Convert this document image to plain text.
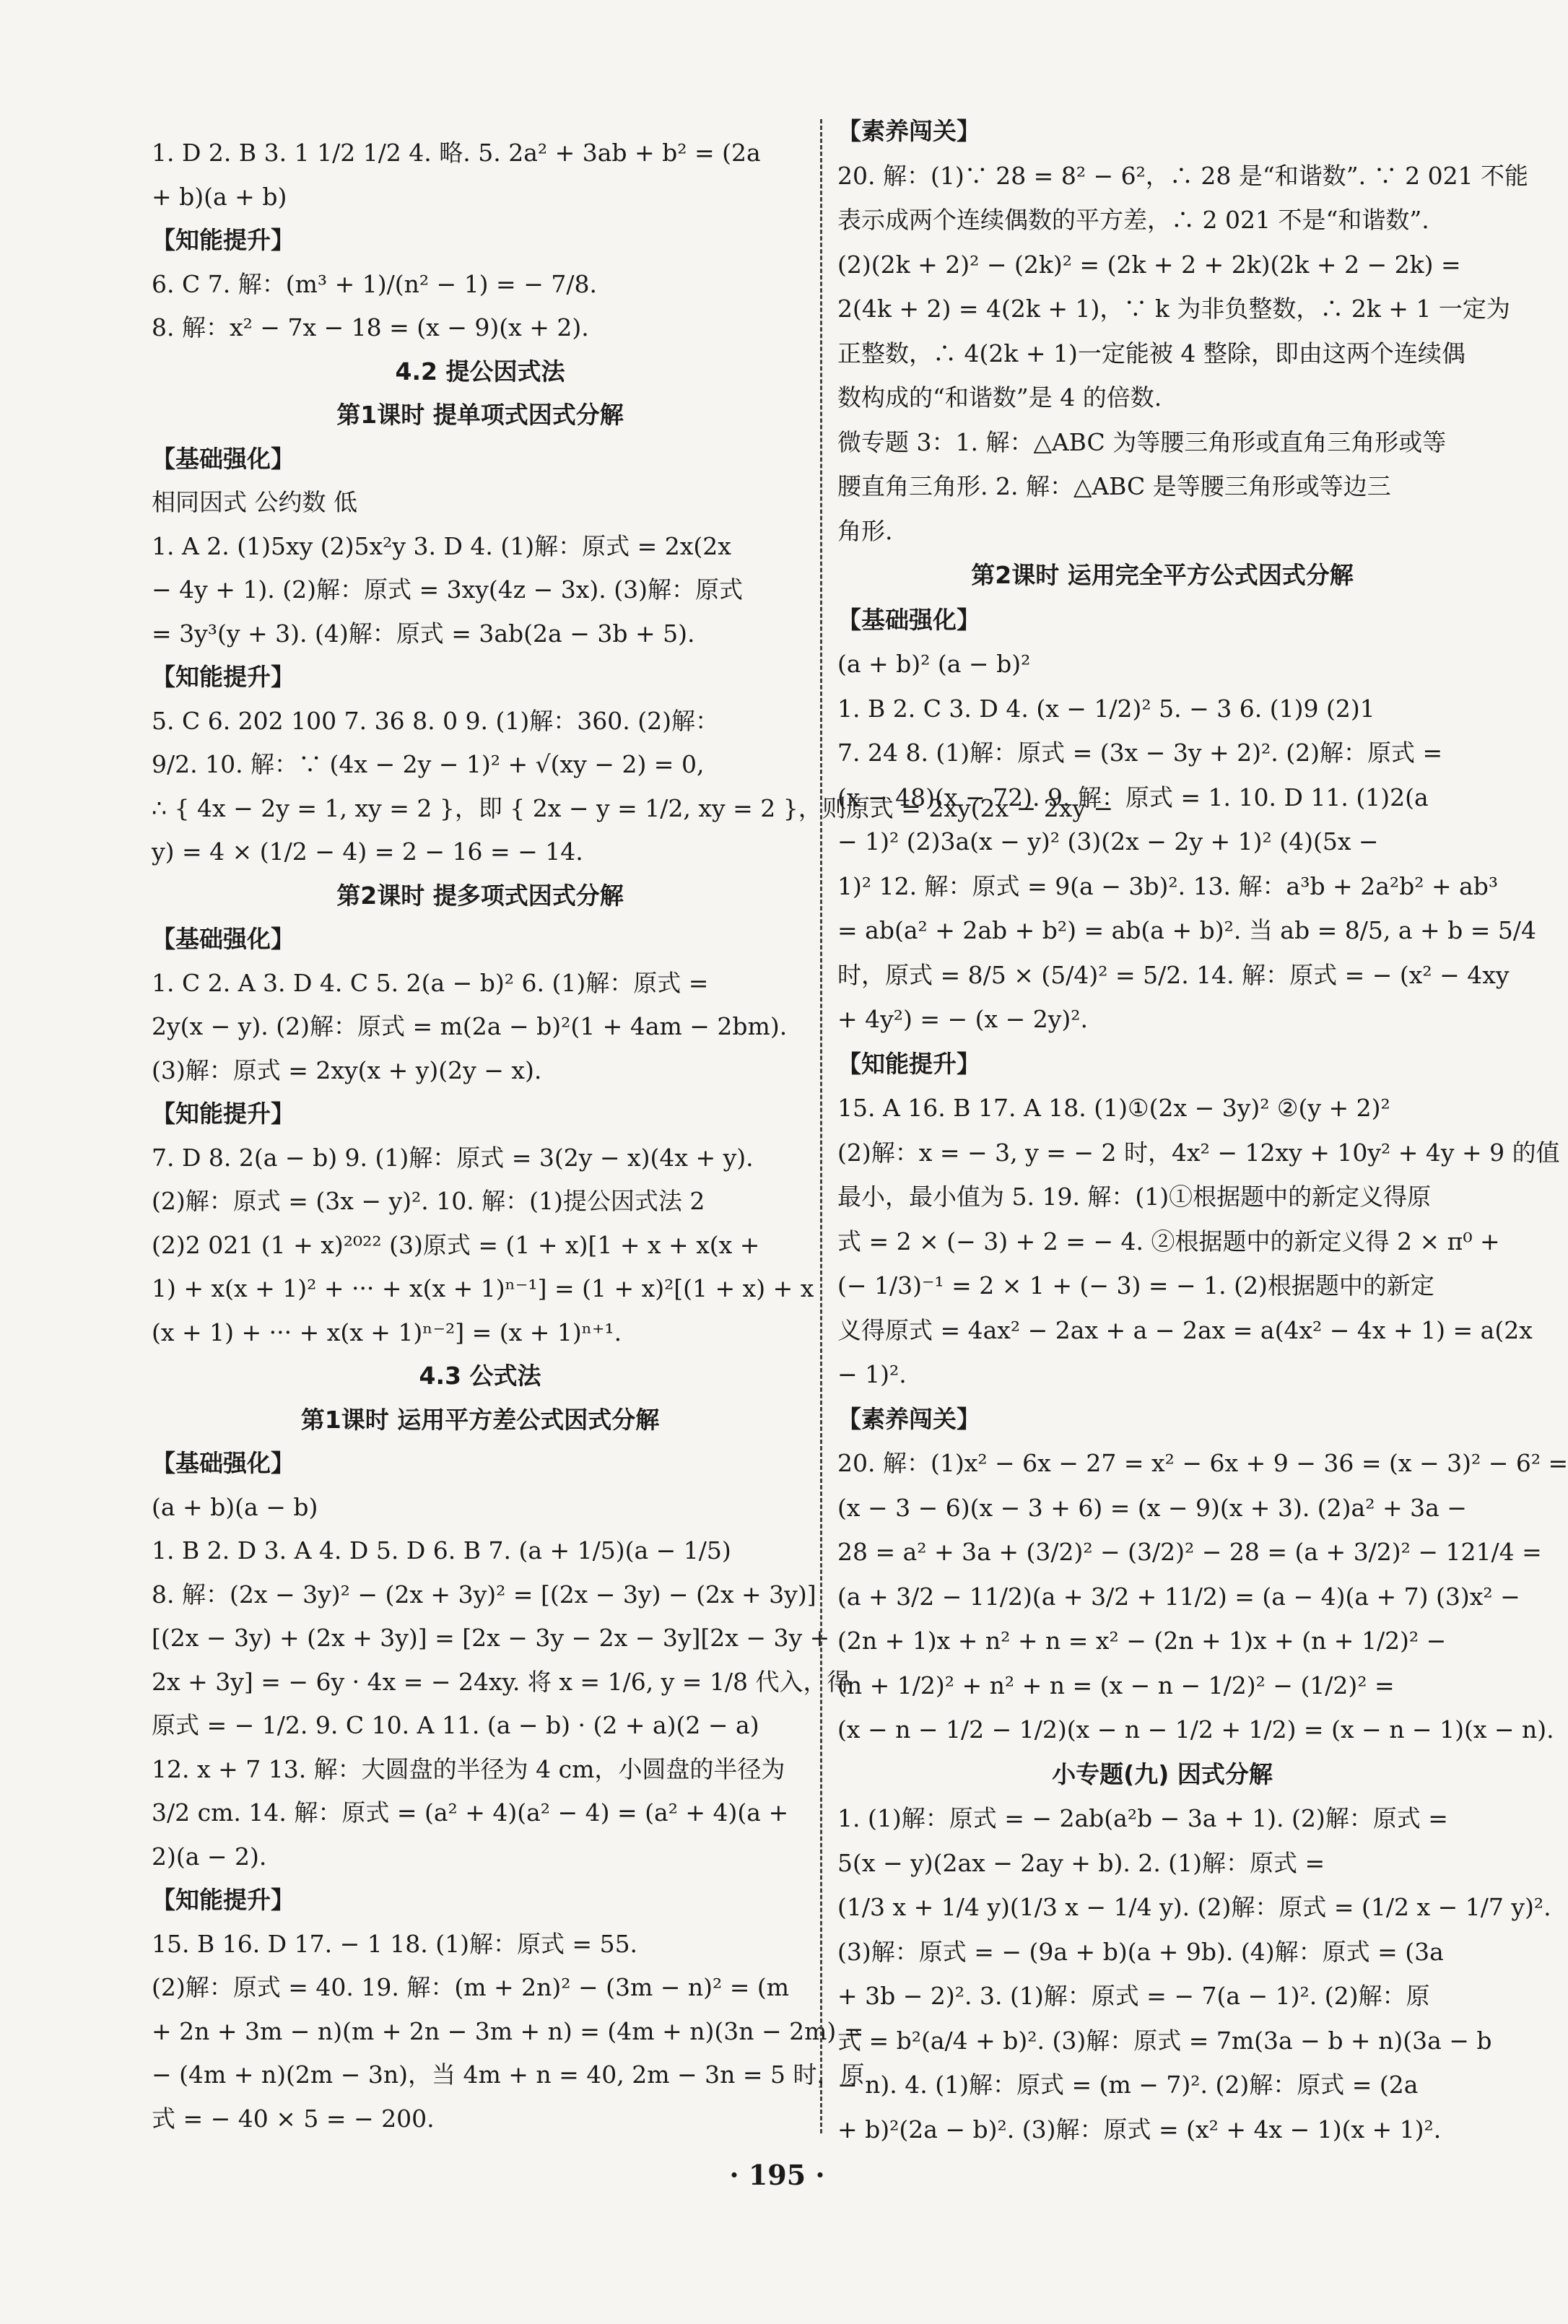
1. D 2. B 3. 1 1/2 1/2 4. 略. 5. 2a² + 3ab + b² = (2a
+ b)(a + b)
【知能提升】
6. C 7. 解：(m³ + 1)/(n² − 1) = − 7/8.
8. 解：x² − 7x − 18 = (x − 9)(x + 2).
4.2 提公因式法
第1课时 提单项式因式分解
【基础强化】
相同因式 公约数 低
1. A 2. (1)5xy (2)5x²y 3. D 4. (1)解：原式 = 2x(2x
− 4y + 1). (2)解：原式 = 3xy(4z − 3x). (3)解：原式
= 3y³(y + 3). (4)解：原式 = 3ab(2a − 3b + 5).
【知能提升】
5. C 6. 202 100 7. 36 8. 0 9. (1)解：360. (2)解：
9/2. 10. 解：∵ (4x − 2y − 1)² + √(xy − 2) = 0,
∴ { 4x − 2y = 1, xy = 2 }，即 { 2x − y = 1/2, xy = 2 }，则原式 = 2xy(2x − 2xy −
y) = 4 × (1/2 − 4) = 2 − 16 = − 14.
第2课时 提多项式因式分解
【基础强化】
1. C 2. A 3. D 4. C 5. 2(a − b)² 6. (1)解：原式 =
2y(x − y). (2)解：原式 = m(2a − b)²(1 + 4am − 2bm).
(3)解：原式 = 2xy(x + y)(2y − x).
【知能提升】
7. D 8. 2(a − b) 9. (1)解：原式 = 3(2y − x)(4x + y).
(2)解：原式 = (3x − y)². 10. 解：(1)提公因式法 2
(2)2 021 (1 + x)²⁰²² (3)原式 = (1 + x)[1 + x + x(x +
1) + x(x + 1)² + ··· + x(x + 1)ⁿ⁻¹] = (1 + x)²[(1 + x) + x
(x + 1) + ··· + x(x + 1)ⁿ⁻²] = (x + 1)ⁿ⁺¹.
4.3 公式法
第1课时 运用平方差公式因式分解
【基础强化】
(a + b)(a − b)
1. B 2. D 3. A 4. D 5. D 6. B 7. (a + 1/5)(a − 1/5)
8. 解：(2x − 3y)² − (2x + 3y)² = [(2x − 3y) − (2x + 3y)]
[(2x − 3y) + (2x + 3y)] = [2x − 3y − 2x − 3y][2x − 3y +
2x + 3y] = − 6y · 4x = − 24xy. 将 x = 1/6, y = 1/8 代入，得
原式 = − 1/2. 9. C 10. A 11. (a − b) · (2 + a)(2 − a)
12. x + 7 13. 解：大圆盘的半径为 4 cm，小圆盘的半径为
3/2 cm. 14. 解：原式 = (a² + 4)(a² − 4) = (a² + 4)(a +
2)(a − 2).
【知能提升】
15. B 16. D 17. − 1 18. (1)解：原式 = 55.
(2)解：原式 = 40. 19. 解：(m + 2n)² − (3m − n)² = (m
+ 2n + 3m − n)(m + 2n − 3m + n) = (4m + n)(3n − 2m) =
− (4m + n)(2m − 3n)，当 4m + n = 40, 2m − 3n = 5 时，原
式 = − 40 × 5 = − 200.
【素养闯关】
20. 解：(1)∵ 28 = 8² − 6²，∴ 28 是“和谐数”. ∵ 2 021 不能
表示成两个连续偶数的平方差，∴ 2 021 不是“和谐数”.
(2)(2k + 2)² − (2k)² = (2k + 2 + 2k)(2k + 2 − 2k) =
2(4k + 2) = 4(2k + 1)，∵ k 为非负整数，∴ 2k + 1 一定为
正整数，∴ 4(2k + 1)一定能被 4 整除，即由这两个连续偶
数构成的“和谐数”是 4 的倍数.
微专题 3：1. 解：△ABC 为等腰三角形或直角三角形或等
腰直角三角形. 2. 解：△ABC 是等腰三角形或等边三
角形.
第2课时 运用完全平方公式因式分解
【基础强化】
(a + b)² (a − b)²
1. B 2. C 3. D 4. (x − 1/2)² 5. − 3 6. (1)9 (2)1
7. 24 8. (1)解：原式 = (3x − 3y + 2)². (2)解：原式 =
(x − 48)(x − 72). 9. 解：原式 = 1. 10. D 11. (1)2(a
− 1)² (2)3a(x − y)² (3)(2x − 2y + 1)² (4)(5x −
1)² 12. 解：原式 = 9(a − 3b)². 13. 解：a³b + 2a²b² + ab³
= ab(a² + 2ab + b²) = ab(a + b)². 当 ab = 8/5, a + b = 5/4
时，原式 = 8/5 × (5/4)² = 5/2. 14. 解：原式 = − (x² − 4xy
+ 4y²) = − (x − 2y)².
【知能提升】
15. A 16. B 17. A 18. (1)①(2x − 3y)² ②(y + 2)²
(2)解：x = − 3, y = − 2 时，4x² − 12xy + 10y² + 4y + 9 的值
最小，最小值为 5. 19. 解：(1)①根据题中的新定义得原
式 = 2 × (− 3) + 2 = − 4. ②根据题中的新定义得 2 × π⁰ +
(− 1/3)⁻¹ = 2 × 1 + (− 3) = − 1. (2)根据题中的新定
义得原式 = 4ax² − 2ax + a − 2ax = a(4x² − 4x + 1) = a(2x
− 1)².
【素养闯关】
20. 解：(1)x² − 6x − 27 = x² − 6x + 9 − 36 = (x − 3)² − 6² =
(x − 3 − 6)(x − 3 + 6) = (x − 9)(x + 3). (2)a² + 3a −
28 = a² + 3a + (3/2)² − (3/2)² − 28 = (a + 3/2)² − 121/4 =
(a + 3/2 − 11/2)(a + 3/2 + 11/2) = (a − 4)(a + 7) (3)x² −
(2n + 1)x + n² + n = x² − (2n + 1)x + (n + 1/2)² −
(n + 1/2)² + n² + n = (x − n − 1/2)² − (1/2)² =
(x − n − 1/2 − 1/2)(x − n − 1/2 + 1/2) = (x − n − 1)(x − n).
小专题(九) 因式分解
1. (1)解：原式 = − 2ab(a²b − 3a + 1). (2)解：原式 =
5(x − y)(2ax − 2ay + b). 2. (1)解：原式 =
(1/3 x + 1/4 y)(1/3 x − 1/4 y). (2)解：原式 = (1/2 x − 1/7 y)².
(3)解：原式 = − (9a + b)(a + 9b). (4)解：原式 = (3a
+ 3b − 2)². 3. (1)解：原式 = − 7(a − 1)². (2)解：原
式 = b²(a/4 + b)². (3)解：原式 = 7m(3a − b + n)(3a − b
− n). 4. (1)解：原式 = (m − 7)². (2)解：原式 = (2a
+ b)²(2a − b)². (3)解：原式 = (x² + 4x − 1)(x + 1)².
· 195 ·
